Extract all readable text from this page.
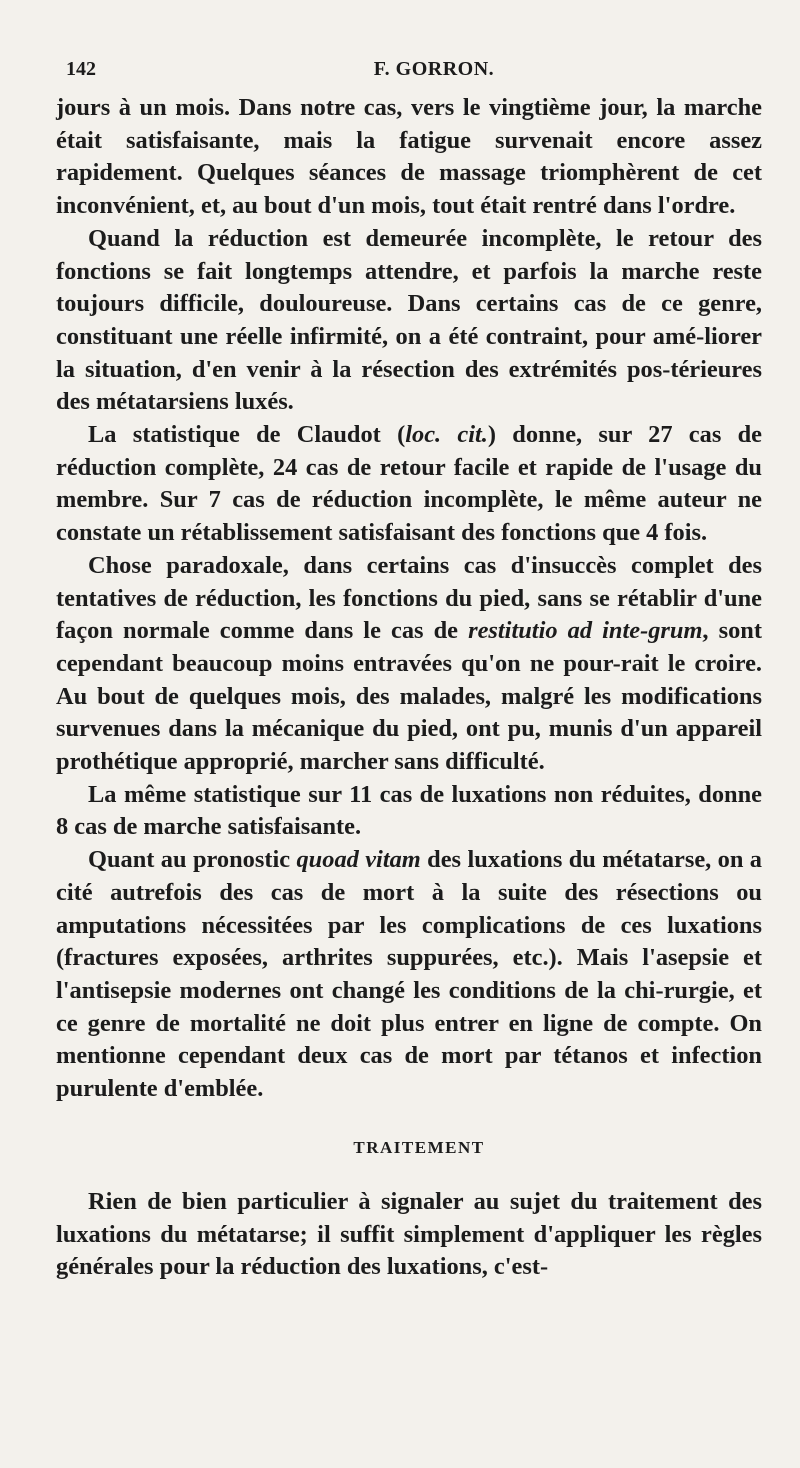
142	F. GORRON.

jours à un mois. Dans notre cas, vers le vingtième jour, la marche était satisfaisante, mais la fatigue survenait encore assez rapidement. Quelques séances de massage triomphèrent de cet inconvénient, et, au bout d'un mois, tout était rentré dans l'ordre.

Quand la réduction est demeurée incomplète, le retour des fonctions se fait longtemps attendre, et parfois la marche reste toujours difficile, douloureuse. Dans certains cas de ce genre, constituant une réelle infirmité, on a été contraint, pour amé-liorer la situation, d'en venir à la résection des extrémités pos-térieures des métatarsiens luxés.

La statistique de Claudot (loc. cit.) donne, sur 27 cas de réduction complète, 24 cas de retour facile et rapide de l'usage du membre. Sur 7 cas de réduction incomplète, le même auteur ne constate un rétablissement satisfaisant des fonctions que 4 fois.

Chose paradoxale, dans certains cas d'insuccès complet des tentatives de réduction, les fonctions du pied, sans se rétablir d'une façon normale comme dans le cas de restitutio ad inte-grum, sont cependant beaucoup moins entravées qu'on ne pour-rait le croire. Au bout de quelques mois, des malades, malgré les modifications survenues dans la mécanique du pied, ont pu, munis d'un appareil prothétique approprié, marcher sans difficulté.

La même statistique sur 11 cas de luxations non réduites, donne 8 cas de marche satisfaisante.

Quant au pronostic quoad vitam des luxations du métatarse, on a cité autrefois des cas de mort à la suite des résections ou amputations nécessitées par les complications de ces luxations (fractures exposées, arthrites suppurées, etc.). Mais l'asepsie et l'antisepsie modernes ont changé les conditions de la chi-rurgie, et ce genre de mortalité ne doit plus entrer en ligne de compte. On mentionne cependant deux cas de mort par tétanos et infection purulente d'emblée.

TRAITEMENT

Rien de bien particulier à signaler au sujet du traitement des luxations du métatarse; il suffit simplement d'appliquer les règles générales pour la réduction des luxations, c'est-
